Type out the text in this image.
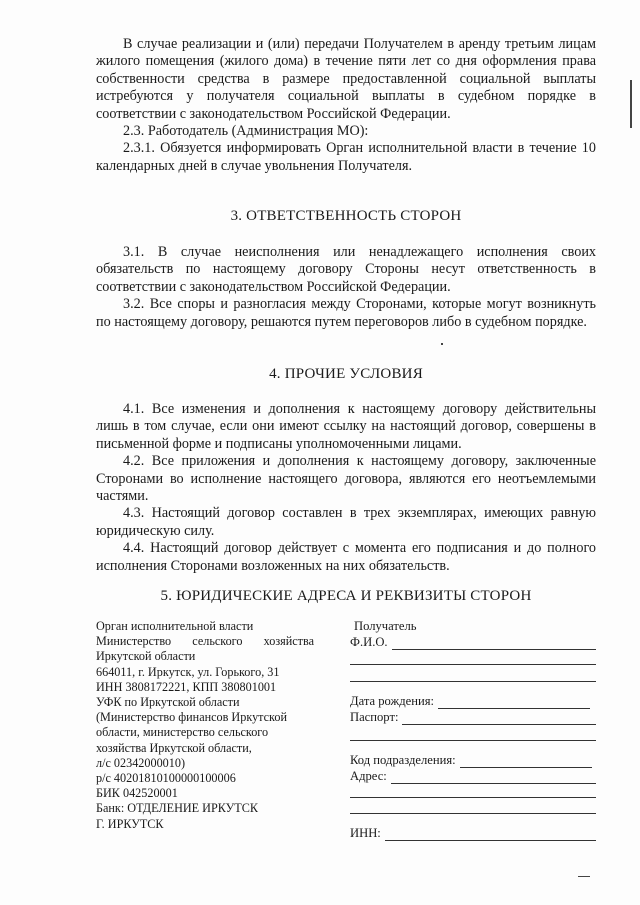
В случае реализации и (или) передачи Получателем в аренду третьим лицам жилого помещения (жилого дома) в течение пяти лет со дня оформления права собственности средства в размере предоставленной социальной выплаты истребуются у получателя социальной выплаты в судебном порядке в соответствии с законодательством Российской Федерации.

2.3. Работодатель (Администрация МО):

2.3.1. Обязуется информировать Орган исполнительной власти в течение 10 календарных дней в случае увольнения Получателя.

3. ОТВЕТСТВЕННОСТЬ СТОРОН

3.1. В случае неисполнения или ненадлежащего исполнения своих обязательств по настоящему договору Стороны несут ответственность в соответствии с законодательством Российской Федерации.

3.2. Все споры и разногласия между Сторонами, которые могут возникнуть по настоящему договору, решаются путем переговоров либо в судебном порядке.

4. ПРОЧИЕ УСЛОВИЯ

4.1. Все изменения и дополнения к настоящему договору действительны лишь в том случае, если они имеют ссылку на настоящий договор, совершены в письменной форме и подписаны уполномоченными лицами.

4.2. Все приложения и дополнения к настоящему договору, заключенные Сторонами во исполнение настоящего договора, являются его неотъемлемыми частями.

4.3. Настоящий договор составлен в трех экземплярах, имеющих равную юридическую силу.

4.4. Настоящий договор действует с момента его подписания и до полного исполнения Сторонами возложенных на них обязательств.

5. ЮРИДИЧЕСКИЕ АДРЕСА И РЕКВИЗИТЫ СТОРОН
Орган исполнительной власти
Министерство сельского хозяйства
Иркутской области
664011, г. Иркутск, ул. Горького, 31
ИНН 3808172221, КПП 380801001
УФК по Иркутской области
(Министерство финансов Иркутской
области, министерство сельского
хозяйства Иркутской области,
л/с 02342000010)
р/с 40201810100000100006
БИК 042520001
Банк: ОТДЕЛЕНИЕ ИРКУТСК
Г. ИРКУТСК
Получатель
Ф.И.О.
Дата рождения:
Паспорт:
Код подразделения:
Адрес:
ИНН:
